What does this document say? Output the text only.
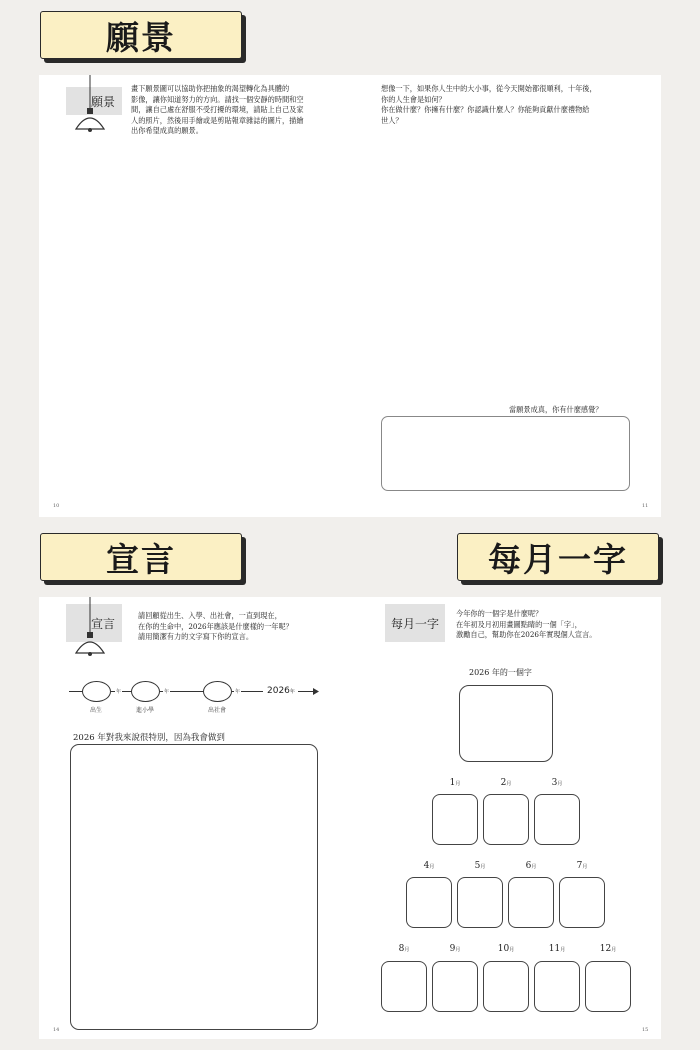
願景
願景
畫下願景圖可以協助你把抽象的渴望轉化為具體的
影像，讓你知道努力的方向。請找一個安靜的時間和空
間，讓自己處在舒服不受打擾的環境，請貼上自己及家
人的照片，然後用手繪或是剪貼報章雜誌的圖片，描繪
出你希望成真的願景。
10
想像一下，如果你人生中的大小事，從今天開始都很順利，十年後，
你的人生會是如何？
你在做什麼？你擁有什麼？你認識什麼人？你能夠貢獻什麼禮物給
世人？
當願景成真，你有什麼感覺？
11
宣言	每月一字
宣言
請回顧從出生、入學、出社會，一直到現在，
在你的生命中，2026年應該是什麼樣的一年呢？
請用簡潔有力的文字寫下你的宣言。
年	年	年	2026年
出生	進小學	出社會
2026 年對我來說很特別，因為我會做到
14
每月一字
今年你的一個字是什麼呢？
在年初及月初用畫圖點睛的一個「字」，
激勵自己，幫助你在2026年實現個人宣言。
2026 年的一個字
1月	2月	3月
4月	5月	6月	7月
8月	9月	10月	11月	12月
15
